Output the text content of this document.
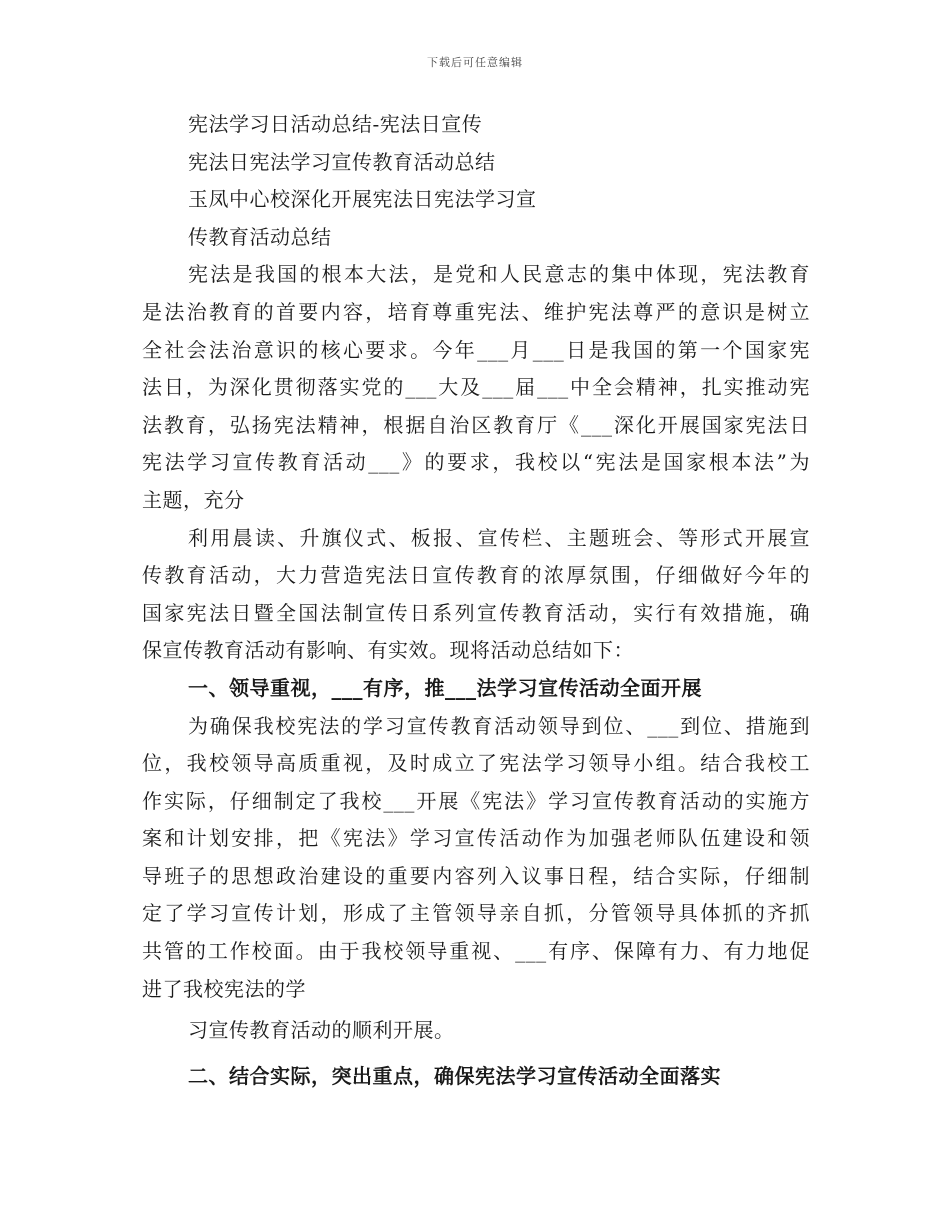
下载后可任意编辑
宪法学习日活动总结-宪法日宣传
宪法日宪法学习宣传教育活动总结
玉凤中心校深化开展宪法日宪法学习宣
传教育活动总结
宪法是我国的根本大法，是党和人民意志的集中体现，宪法教育
是法治教育的首要内容，培育尊重宪法、维护宪法尊严的意识是树立
全社会法治意识的核心要求。今年___月___日是我国的第一个国家宪
法日，为深化贯彻落实党的___大及___届___中全会精神，扎实推动宪
法教育，弘扬宪法精神，根据自治区教育厅《___深化开展国家宪法日
宪法学习宣传教育活动___》的要求，我校以“宪法是国家根本法”为
主题，充分
利用晨读、升旗仪式、板报、宣传栏、主题班会、等形式开展宣
传教育活动，大力营造宪法日宣传教育的浓厚氛围，仔细做好今年的
国家宪法日暨全国法制宣传日系列宣传教育活动，实行有效措施，确
保宣传教育活动有影响、有实效。现将活动总结如下：
一、领导重视，___有序，推___法学习宣传活动全面开展
为确保我校宪法的学习宣传教育活动领导到位、___到位、措施到
位，我校领导高质重视，及时成立了宪法学习领导小组。结合我校工
作实际，仔细制定了我校___开展《宪法》学习宣传教育活动的实施方
案和计划安排，把《宪法》学习宣传活动作为加强老师队伍建设和领
导班子的思想政治建设的重要内容列入议事日程，结合实际，仔细制
定了学习宣传计划，形成了主管领导亲自抓，分管领导具体抓的齐抓
共管的工作校面。由于我校领导重视、___有序、保障有力、有力地促
进了我校宪法的学
习宣传教育活动的顺利开展。
二、结合实际，突出重点，确保宪法学习宣传活动全面落实
